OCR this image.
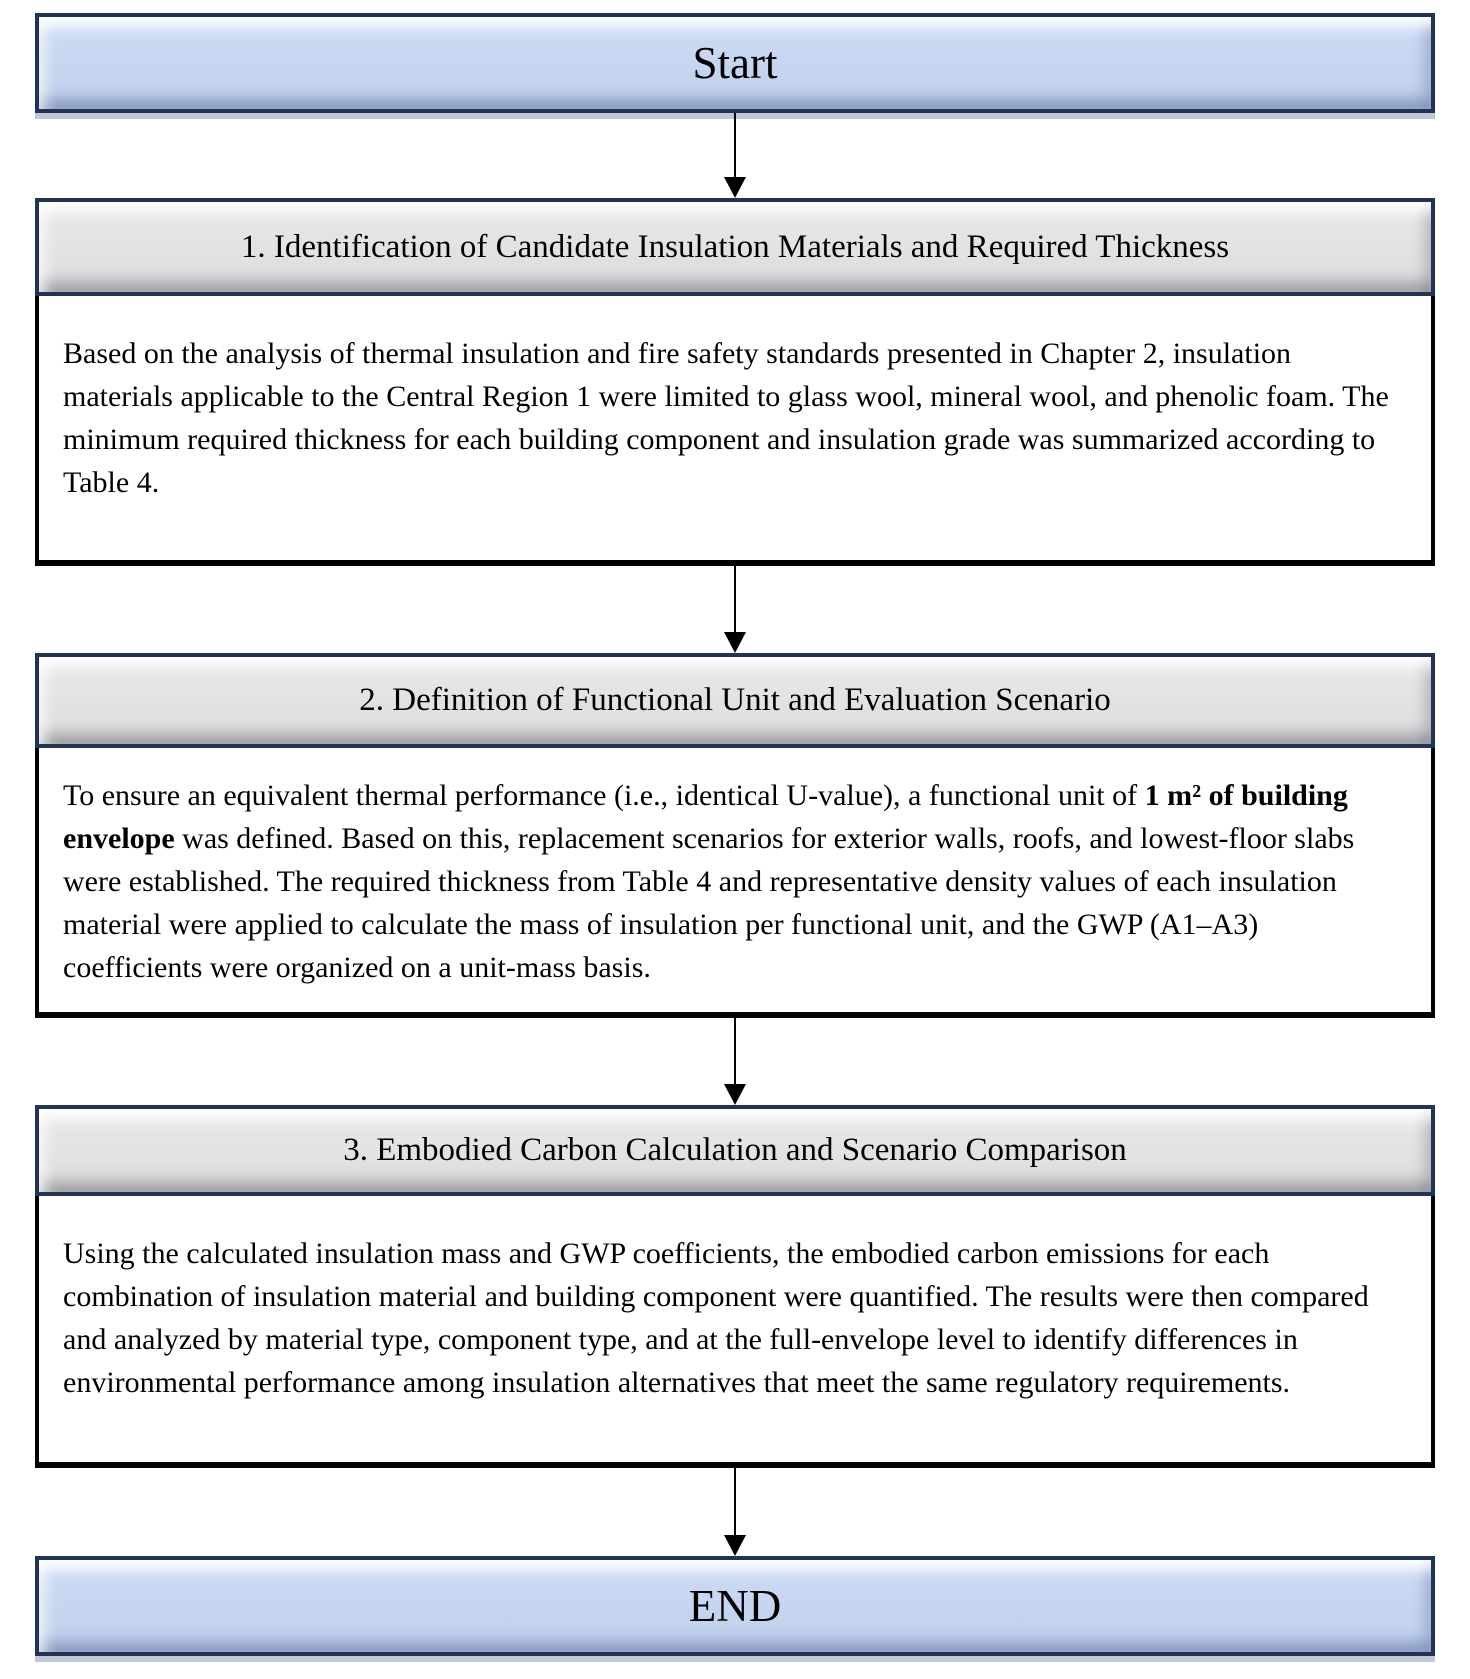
Start
1. Identification of Candidate Insulation Materials and Required Thickness

Based on the analysis of thermal insulation and fire safety standards presented in Chapter 2, insulation materials applicable to the Central Region 1 were limited to glass wool, mineral wool, and phenolic foam. The minimum required thickness for each building component and insulation grade was summarized according to Table 4.

2. Definition of Functional Unit and Evaluation Scenario

To ensure an equivalent thermal performance (i.e., identical U-value), a functional unit of 1 m² of building envelope was defined. Based on this, replacement scenarios for exterior walls, roofs, and lowest-floor slabs were established. The required thickness from Table 4 and representative density values of each insulation material were applied to calculate the mass of insulation per functional unit, and the GWP (A1–A3) coefficients were organized on a unit-mass basis.

3. Embodied Carbon Calculation and Scenario Comparison

Using the calculated insulation mass and GWP coefficients, the embodied carbon emissions for each combination of insulation material and building component were quantified. The results were then compared and analyzed by material type, component type, and at the full-envelope level to identify differences in environmental performance among insulation alternatives that meet the same regulatory requirements.

END
